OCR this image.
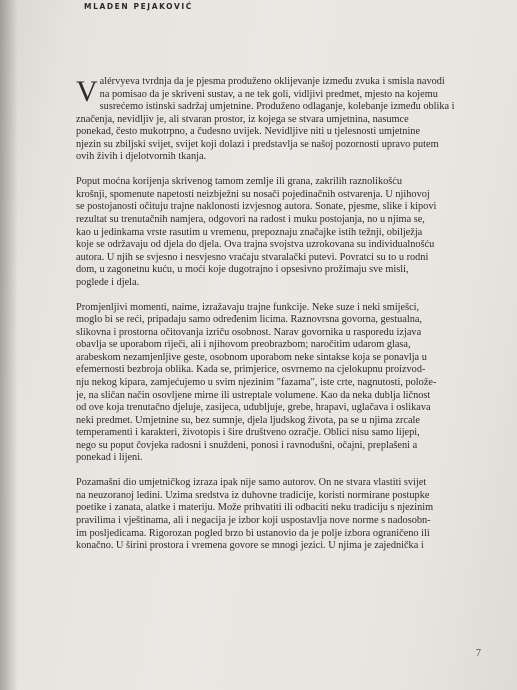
MLADEN PEJAKOVIĆ

V alérvyeva tvrdnja da je pjesma produženo oklijevanje između zvuka i smisla navodi
na pomisao da je skriveni sustav, a ne tek goli, vidljivi predmet, mjesto na kojemu
susrećemo istinski sadržaj umjetnine. Produženo odlaganje, kolebanje između oblika i
značenja, nevidljiv je, ali stvaran prostor, iz kojega se stvara umjetnina, nasumce
ponekad, često mukotrpno, a čudesno uvijek. Nevidljive niti u tjelesnosti umjetnine
njezin su zbiljski svijet, svijet koji dolazi i predstavlja se našoj pozornosti upravo putem
ovih živih i djelotvornih tkanja.

Poput moćna korijenja skrivenog tamom zemlje ili grana, zakrilih raznolikošću
krošnji, spomenute napetosti neizbježni su nosači pojedinačnih ostvarenja. U njihovoj
se postojanosti očituju trajne naklonosti izvjesnog autora. Sonate, pjesme, slike i kipovi
rezultat su trenutačnih namjera, odgovori na radost i muku postojanja, no u njima se,
kao u jedinkama vrste rasutim u vremenu, prepoznaju značajke istih težnji, obilježja
koje se održavaju od djela do djela. Ova trajna svojstva uzrokovana su individualnošću
autora. U njih se svjesno i nesvjesno vraćaju stvaralački putevi. Povratci su to u rodni
dom, u zagonetnu kuću, u moći koje dugotrajno i opsesivno prožimaju sve misli,
poglede i djela.

Promjenljivi momenti, naime, izražavaju trajne funkcije. Neke suze i neki smiješci,
moglo bi se reći, pripadaju samo određenim licima. Raznovrsna govorna, gestualna,
slikovna i prostorna očitovanja izriču osobnost. Narav govornika u rasporedu izjava
obavlja se uporabom riječi, ali i njihovom preobrazbom; naročitim udarom glasa,
arabeskom nezamjenljive geste, osobnom uporabom neke sintakse koja se ponavlja u
efemernosti bezbroja oblika. Kada se, primjerice, osvrnemo na cjelokupnu proizvod-
nju nekog kipara, zamjećujemo u svim njezinim "fazama", iste crte, nagnutosti, polože-
je, na sličan način osovljene mirne ili ustreptale volumene. Kao da neka dublja ličnost
od ove koja trenutačno djeluje, zasijeca, udubljuje, grebe, hrapavi, uglačava i oslikava
neki predmet. Umjetnine su, bez sumnje, djela ljudskog života, pa se u njima zrcale
temperamenti i karakteri, životopis i šire društveno ozračje. Oblici nisu samo lijepi,
nego su poput čovjeka radosni i snuždeni, ponosi i ravnodušni, očajni, preplašeni a
ponekad i lijeni.

Pozamašni dio umjetničkog izraza ipak nije samo autorov. On ne stvara vlastiti svijet
na neuzoranoj ledini. Uzima sredstva iz duhovne tradicije, koristi normirane postupke
poetike i zanata, alatke i materiju. Može prihvatiti ili odbaciti neku tradiciju s njezinim
pravilima i vještinama, ali i negacija je izbor koji uspostavlja nove norme s nadosobn-
im posljedicama. Rigorozan pogled brzo bi ustanovio da je polje izbora ograničeno ili
konačno. U širini prostora i vremena govore se mnogi jezici. U njima je zajednička i

7
